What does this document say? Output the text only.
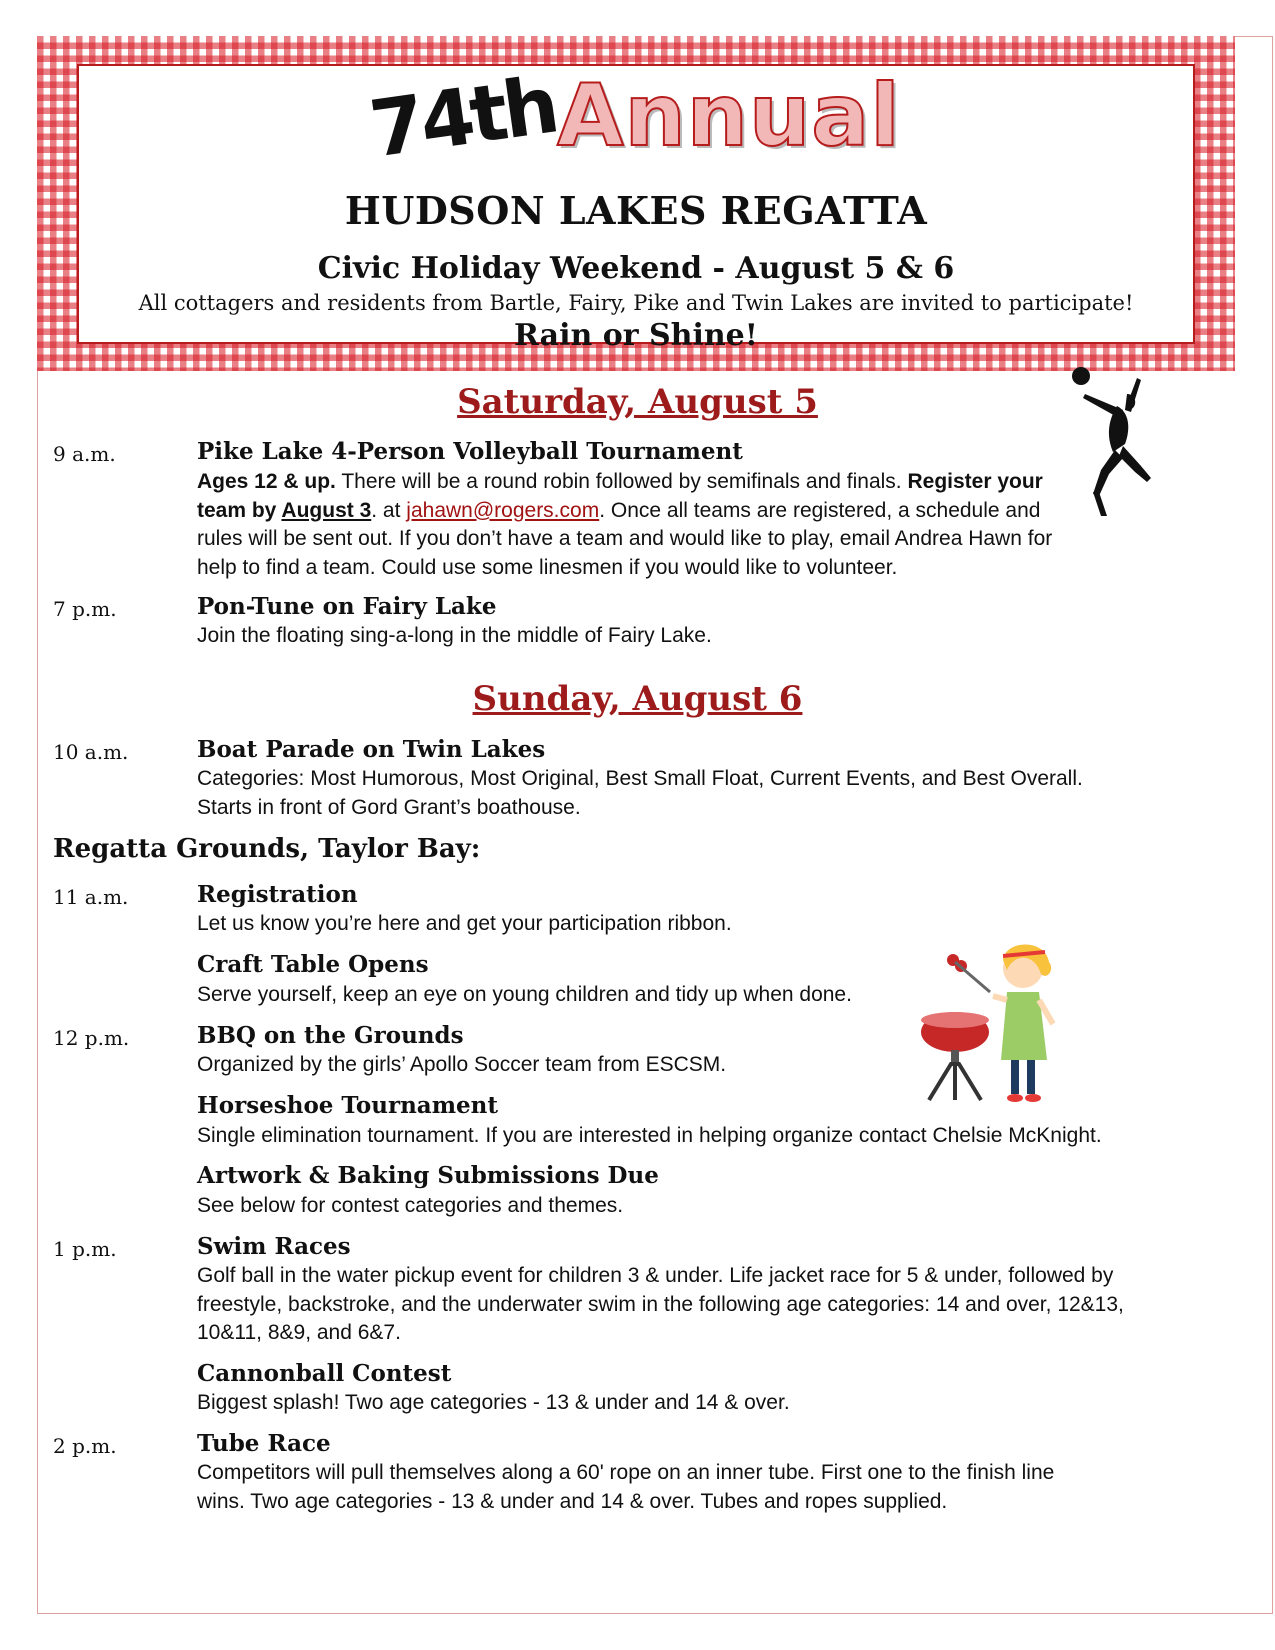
74th
Annual
HUDSON LAKES REGATTA
Civic Holiday Weekend - August 5 & 6
All cottagers and residents from Bartle, Fairy, Pike and Twin Lakes are invited to participate!
Rain or Shine!
Saturday, August 5
9 a.m.	Pike Lake 4-Person Volleyball Tournament
Ages 12 & up. There will be a round robin followed by semifinals and finals. Register your team by August 3. at jahawn@rogers.com. Once all teams are registered, a schedule and rules will be sent out. If you don’t have a team and would like to play, email Andrea Hawn for help to find a team. Could use some linesmen if you would like to volunteer.
7 p.m.	Pon-Tune on Fairy Lake
Join the floating sing-a-long in the middle of Fairy Lake.
Sunday, August 6
10 a.m.	Boat Parade on Twin Lakes
Categories: Most Humorous, Most Original, Best Small Float, Current Events, and Best Overall. Starts in front of Gord Grant’s boathouse.
Regatta Grounds, Taylor Bay:
11 a.m.	Registration
Let us know you’re here and get your participation ribbon.
Craft Table Opens
Serve yourself, keep an eye on young children and tidy up when done.
12 p.m.	BBQ on the Grounds
Organized by the girls’ Apollo Soccer team from ESCSM.
Horseshoe Tournament
Single elimination tournament. If you are interested in helping organize contact Chelsie McKnight.
Artwork & Baking Submissions Due
See below for contest categories and themes.
1 p.m.	Swim Races
Golf ball in the water pickup event for children 3 & under. Life jacket race for 5 & under, followed by freestyle, backstroke, and the underwater swim in the following age categories: 14 and over, 12&13, 10&11, 8&9, and 6&7.
Cannonball Contest
Biggest splash! Two age categories - 13 & under and 14 & over.
2 p.m.	Tube Race
Competitors will pull themselves along a 60' rope on an inner tube. First one to the finish line wins. Two age categories - 13 & under and 14 & over. Tubes and ropes supplied.
